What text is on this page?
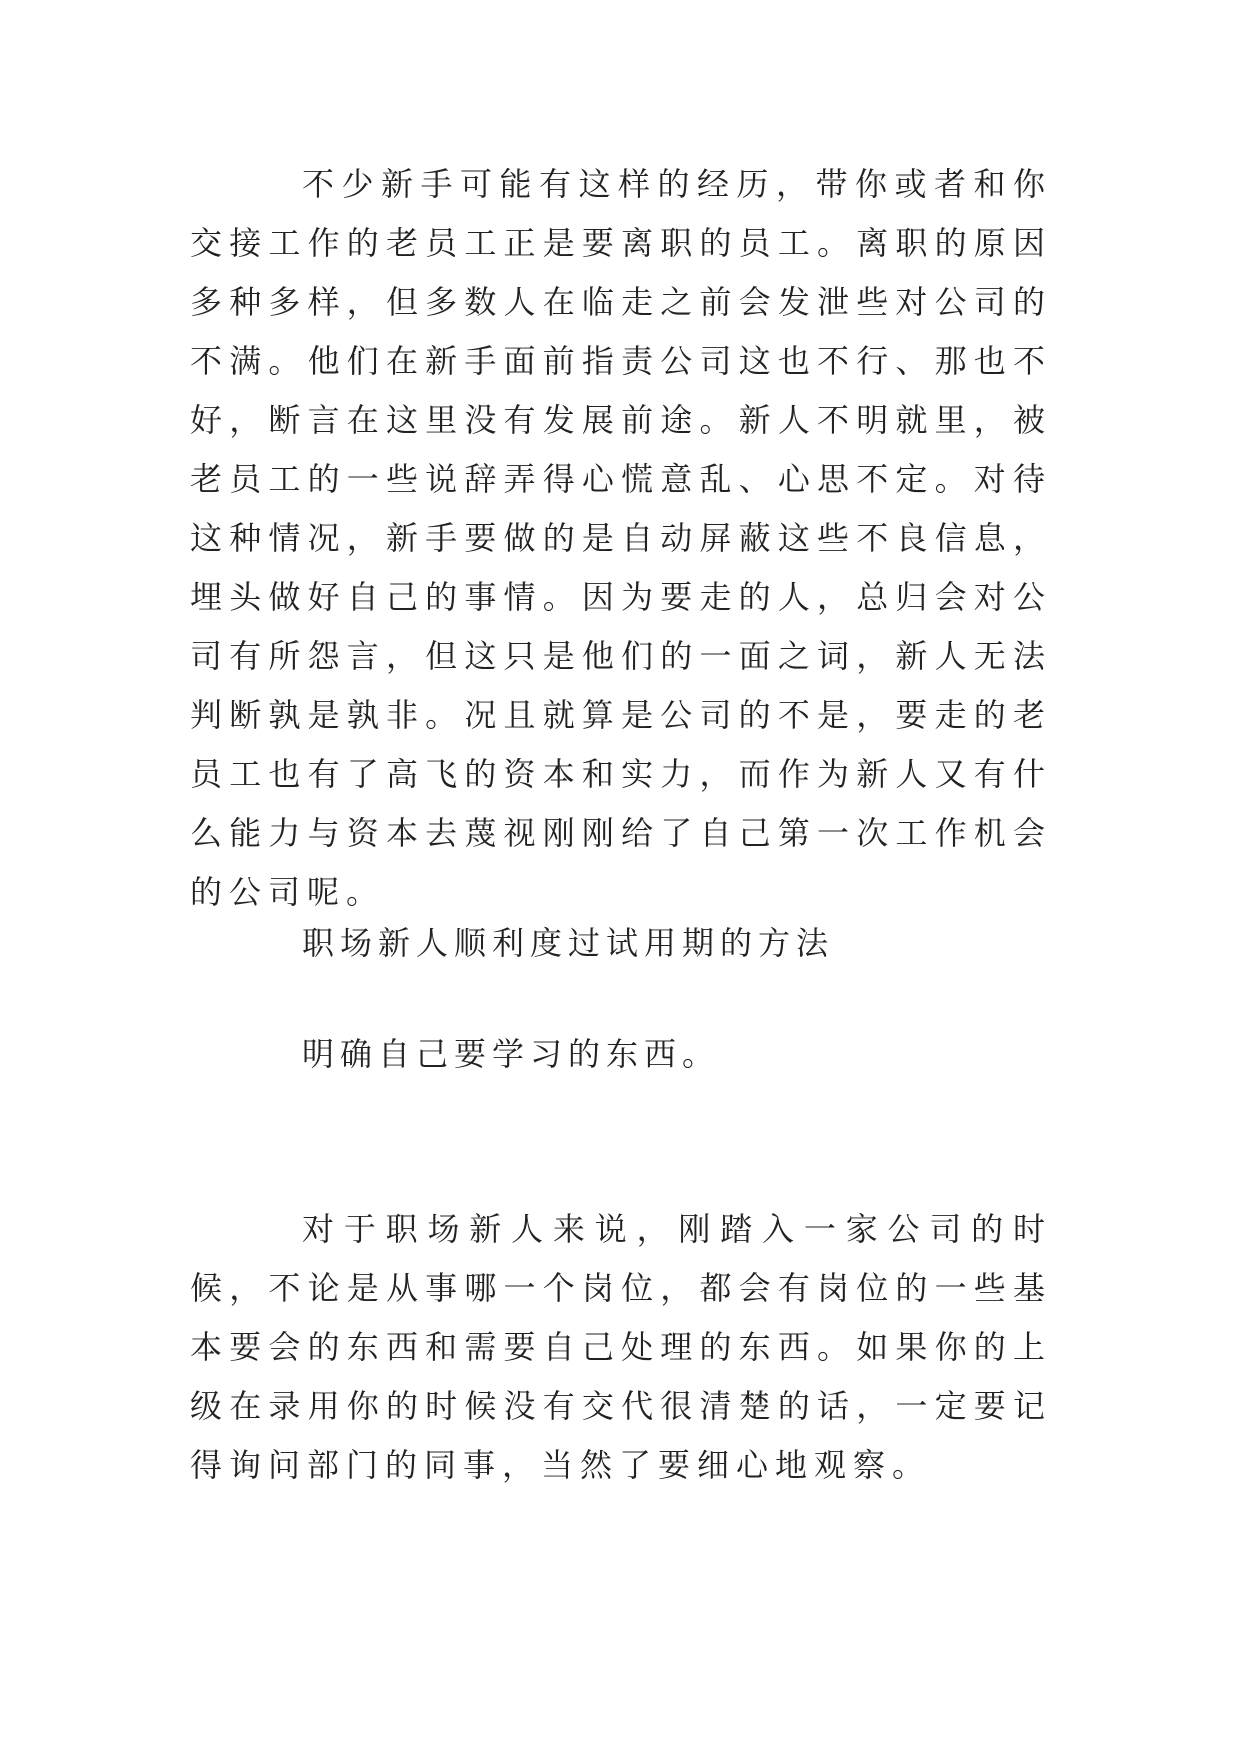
不少新手可能有这样的经历，带你或者和你交接工作的老员工正是要离职的员工。离职的原因多种多样，但多数人在临走之前会发泄些对公司的不满。他们在新手面前指责公司这也不行、那也不好，断言在这里没有发展前途。新人不明就里，被老员工的一些说辞弄得心慌意乱、心思不定。对待这种情况，新手要做的是自动屏蔽这些不良信息，埋头做好自己的事情。因为要走的人，总归会对公司有所怨言，但这只是他们的一面之词，新人无法判断孰是孰非。况且就算是公司的不是，要走的老员工也有了高飞的资本和实力，而作为新人又有什么能力与资本去蔑视刚刚给了自己第一次工作机会的公司呢。

职场新人顺利度过试用期的方法

明确自己要学习的东西。

对于职场新人来说，刚踏入一家公司的时候，不论是从事哪一个岗位，都会有岗位的一些基本要会的东西和需要自己处理的东西。如果你的上级在录用你的时候没有交代很清楚的话，一定要记得询问部门的同事，当然了要细心地观察。
